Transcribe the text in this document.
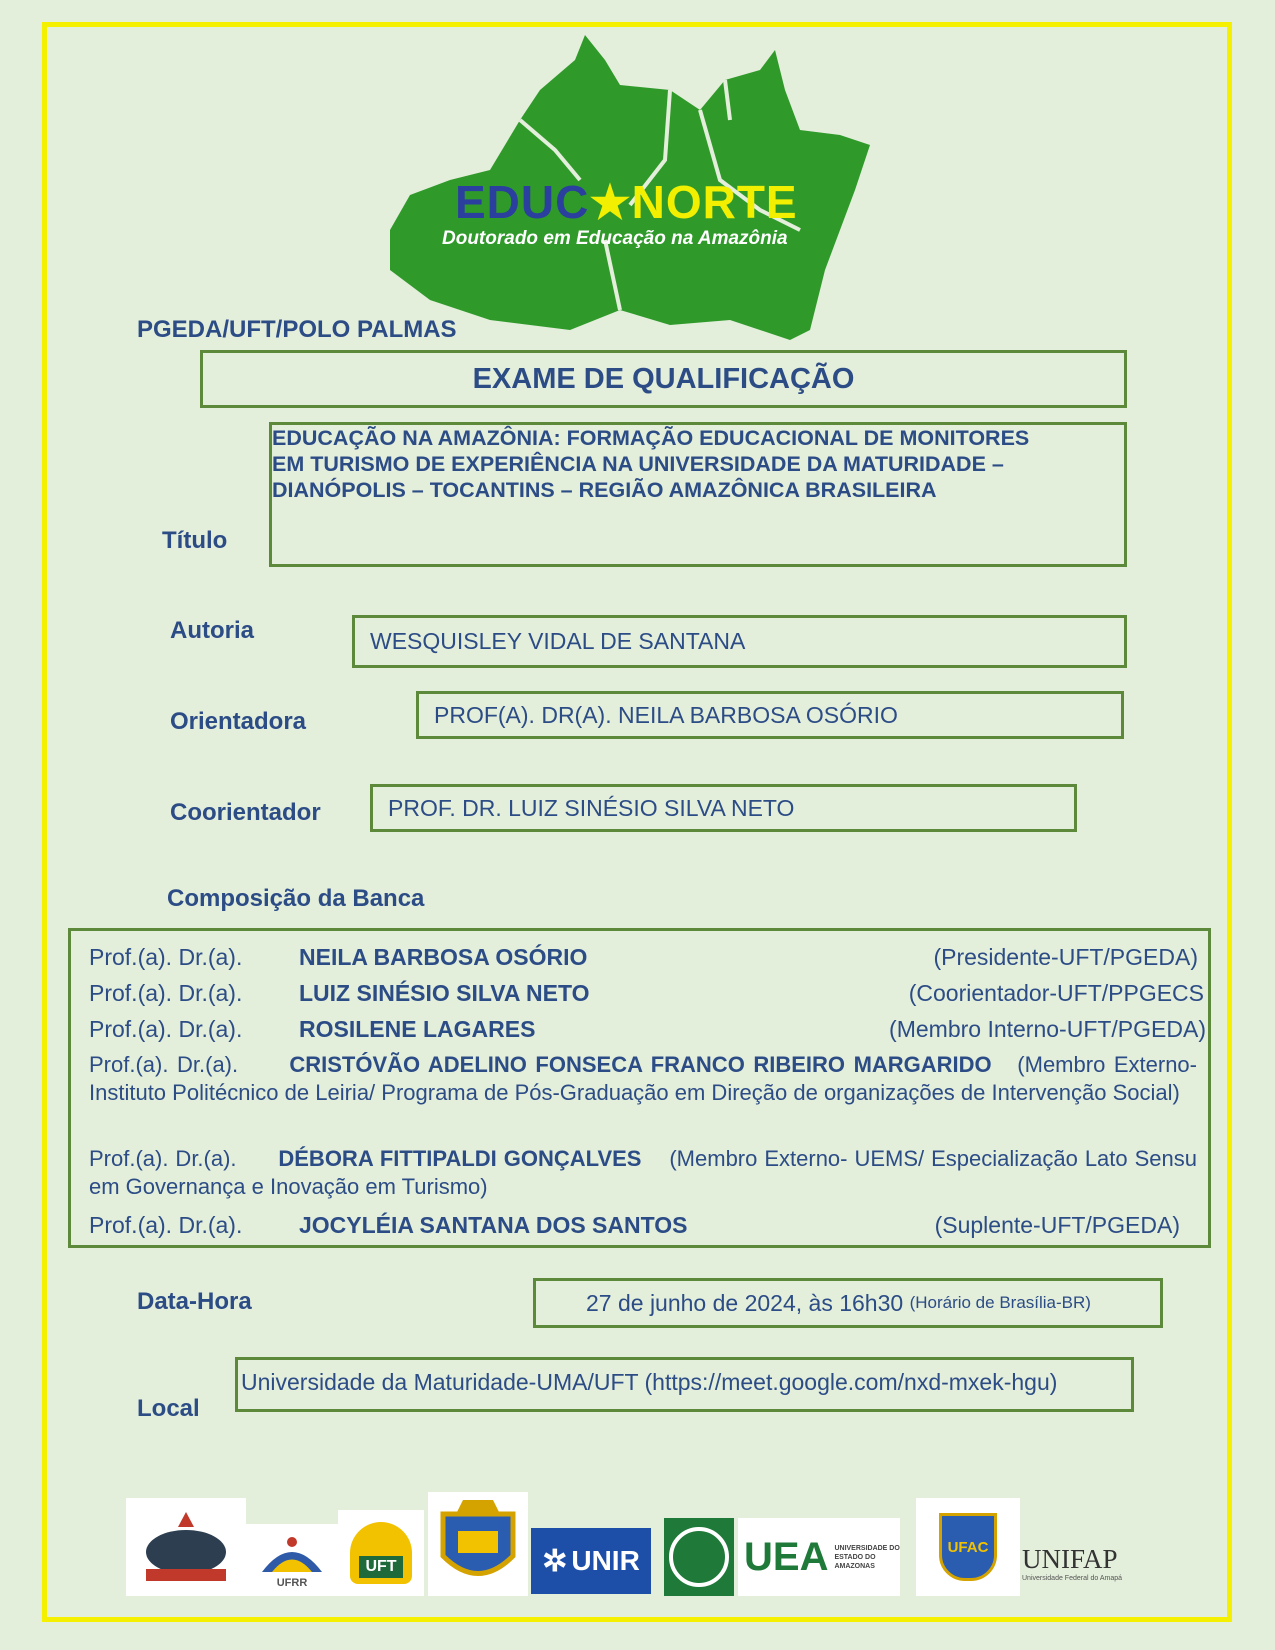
EDUC★NORTE
Doutorado em Educação na Amazônia
PGEDA/UFT/POLO PALMAS
EXAME DE QUALIFICAÇÃO
Título
EDUCAÇÃO NA AMAZÔNIA: FORMAÇÃO EDUCACIONAL DE MONITORES
EM TURISMO DE EXPERIÊNCIA NA UNIVERSIDADE DA MATURIDADE –
DIANÓPOLIS – TOCANTINS – REGIÃO AMAZÔNICA BRASILEIRA
Autoria	WESQUISLEY VIDAL DE SANTANA
Orientadora	PROF(A). DR(A). NEILA BARBOSA OSÓRIO
Coorientador	PROF. DR. LUIZ SINÉSIO SILVA NETO
Composição da Banca
Prof.(a). Dr.(a). NEILA BARBOSA OSÓRIO	(Presidente-UFT/PGEDA)
Prof.(a). Dr.(a). LUIZ SINÉSIO SILVA NETO	(Coorientador-UFT/PPGECS
Prof.(a). Dr.(a). ROSILENE LAGARES	(Membro Interno-UFT/PGEDA)
Prof.(a). Dr.(a). CRISTÓVÃO ADELINO FONSECA FRANCO RIBEIRO MARGARIDO (Membro Externo-Instituto Politécnico de Leiria/ Programa de Pós-Graduação em Direção de organizações de Intervenção Social)
Prof.(a). Dr.(a). DÉBORA FITTIPALDI GONÇALVES (Membro Externo- UEMS/ Especialização Lato Sensu em Governança e Inovação em Turismo)
Prof.(a). Dr.(a). JOCYLÉIA SANTANA DOS SANTOS	(Suplente-UFT/PGEDA)
Data-Hora	27 de junho de 2024, às 16h30
(Horário de Brasília-BR)
Local
Universidade da Maturidade-UMA/UFT (https://meet.google.com/nxd-mxek-hgu)
UFRR
UFT	✲ UNIR	UEA UNIVERSIDADE DO ESTADO DO AMAZONAS
UFAC UNIFAP
Universidade Federal do Amapá
